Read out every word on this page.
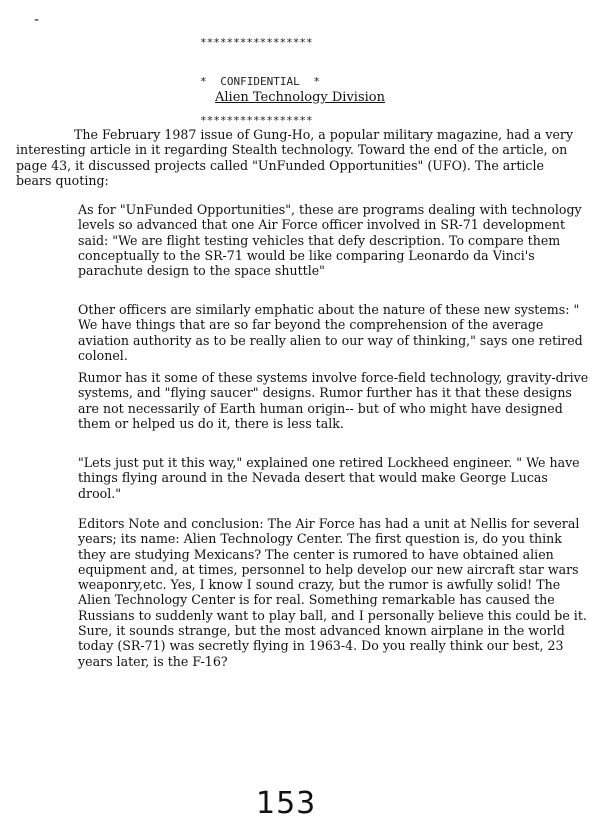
-

*****************

* CONFIDENTIAL *

*****************

Alien Technology Division

The February 1987 issue of Gung-Ho, a popular military magazine, had a very interesting article in it regarding Stealth technology. Toward the end of the article, on page 43, it discussed projects called "UnFunded Opportunities" (UFO). The article bears quoting:

As for "UnFunded Opportunities", these are programs dealing with technology levels so advanced that one Air Force officer involved in SR-71 development said: "We are flight testing vehicles that defy description. To compare them conceptually to the SR-71 would be like comparing Leonardo da Vinci's parachute design to the space shuttle"

Other officers are similarly emphatic about the nature of these new systems: " We have things that are so far beyond the comprehension of the average aviation authority as to be really alien to our way of thinking," says one retired colonel.

Rumor has it some of these systems involve force-field technology, gravity-drive systems, and "flying saucer" designs. Rumor further has it that these designs are not necessarily of Earth human origin-- but of who might have designed them or helped us do it, there is less talk.

"Lets just put it this way," explained one retired Lockheed engineer. " We have things flying around in the Nevada desert that would make George Lucas drool."

Editors Note and conclusion: The Air Force has had a unit at Nellis for several years; its name: Alien Technology Center. The first question is, do you think they are studying Mexicans? The center is rumored to have obtained alien equipment and, at times, personnel to help develop our new aircraft star wars weaponry,etc. Yes, I know I sound crazy, but the rumor is awfully solid! The Alien Technology Center is for real. Something remarkable has caused the Russians to suddenly want to play ball, and I personally believe this could be it. Sure, it sounds strange, but the most advanced known airplane in the world today (SR-71) was secretly flying in 1963-4. Do you really think our best, 23 years later, is the F-16?

153
